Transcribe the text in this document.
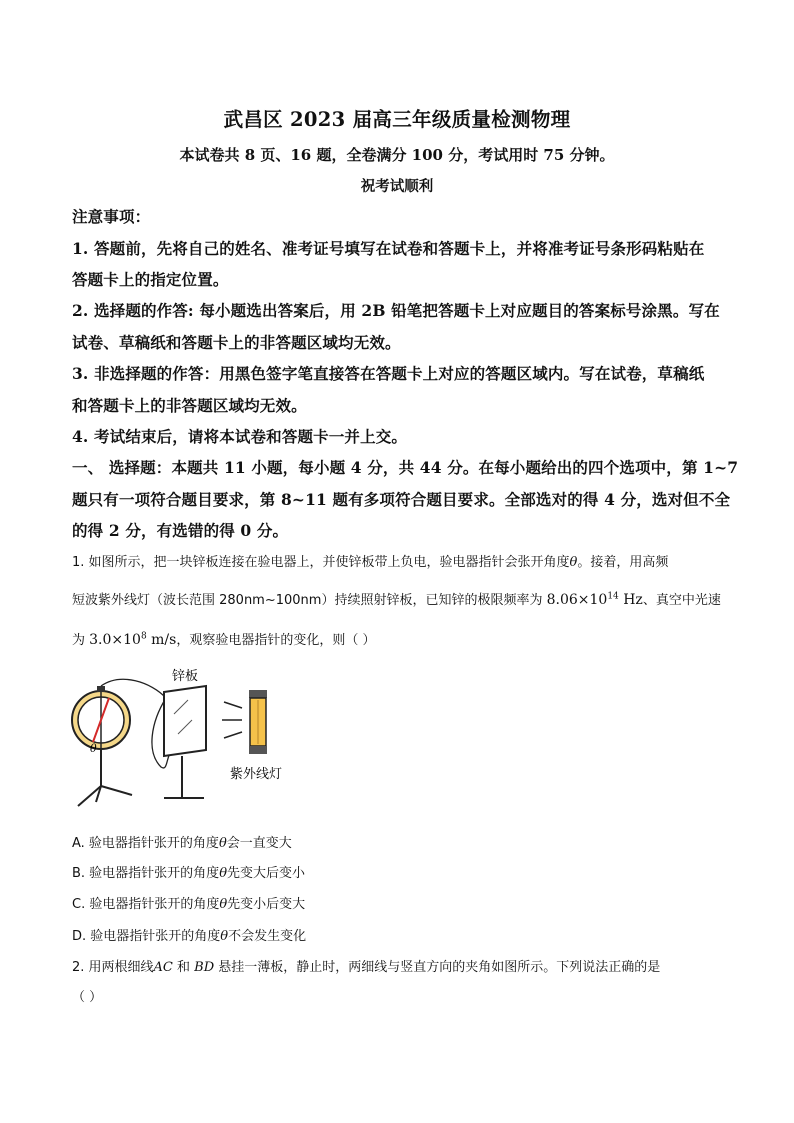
武昌区 2023 届高三年级质量检测物理
本试卷共 8 页、16 题，全卷满分 100 分，考试用时 75 分钟。
祝考试顺利
注意事项：
1. 答题前，先将自己的姓名、准考证号填写在试卷和答题卡上，并将准考证号条形码粘贴在
答题卡上的指定位置。
2. 选择题的作答: 每小题选出答案后，用 2B 铅笔把答题卡上对应题目的答案标号涂黑。写在
试卷、草稿纸和答题卡上的非答题区域均无效。
3. 非选择题的作答：用黑色签字笔直接答在答题卡上对应的答题区域内。写在试卷，草稿纸
和答题卡上的非答题区域均无效。
4. 考试结束后，请将本试卷和答题卡一并上交。
一、 选择题：本题共 11 小题，每小题 4 分，共 44 分。在每小题给出的四个选项中，第 1~7
题只有一项符合题目要求，第 8~11 题有多项符合题目要求。全部选对的得 4 分，选对但不全
的得 2 分，有选错的得 0 分。
1. 如图所示，把一块锌板连接在验电器上，并使锌板带上负电，验电器指针会张开角度θ。接着，用高频
短波紫外线灯（波长范围 280nm~100nm）持续照射锌板，已知锌的极限频率为 $8.06\times 10^{14}$ Hz、真空中光速
为 $3.0\times 10^8$ m/s，观察验电器指针的变化，则（ ）
θ
锌板
紫外线灯
A. 验电器指针张开的角度θ会一直变大
B. 验电器指针张开的角度θ先变大后变小
C. 验电器指针张开的角度θ先变小后变大
D. 验电器指针张开的角度θ不会发生变化
2. 用两根细线AC 和 BD 悬挂一薄板，静止时，两细线与竖直方向的夹角如图所示。下列说法正确的是
（ ）
